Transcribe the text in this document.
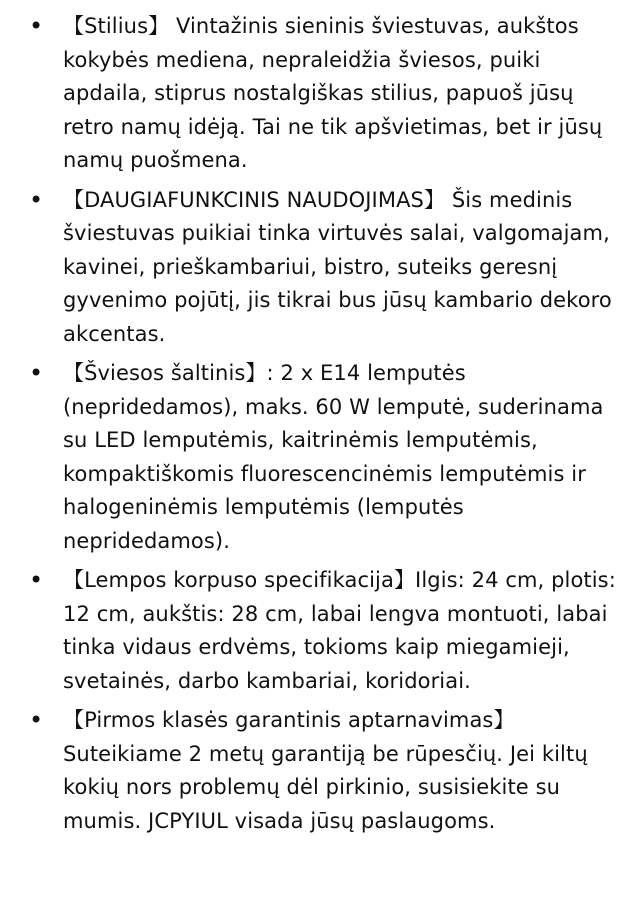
• 【Stilius】 Vintažinis sieninis šviestuvas, aukštos kokybės mediena, nepraleidžia šviesos, puiki apdaila, stiprus nostalgiškas stilius, papuoš jūsų retro namų idėją. Tai ne tik apšvietimas, bet ir jūsų namų puošmena.
• 【DAUGIAFUNKCINIS NAUDOJIMAS】 Šis medinis šviestuvas puikiai tinka virtuvės salai, valgomajam, kavinei, prieškambariui, bistro, suteiks geresnį gyvenimo pojūtį, jis tikrai bus jūsų kambario dekoro akcentas.
• 【Šviesos šaltinis】: 2 x E14 lemputės (nepridedamos), maks. 60 W lemputė, suderinama su LED lemputėmis, kaitrinėmis lemputėmis, kompaktiškomis fluorescencinėmis lemputėmis ir halogeninėmis lemputėmis (lemputės nepridedamos).
• 【Lempos korpuso specifikacija】Ilgis: 24 cm, plotis: 12 cm, aukštis: 28 cm, labai lengva montuoti, labai tinka vidaus erdvėms, tokioms kaip miegamieji, svetainės, darbo kambariai, koridoriai.
• 【Pirmos klasės garantinis aptarnavimas】 Suteikiame 2 metų garantiją be rūpesčių. Jei kiltų kokių nors problemų dėl pirkinio, susisiekite su mumis. JCPYIUL visada jūsų paslaugoms.
